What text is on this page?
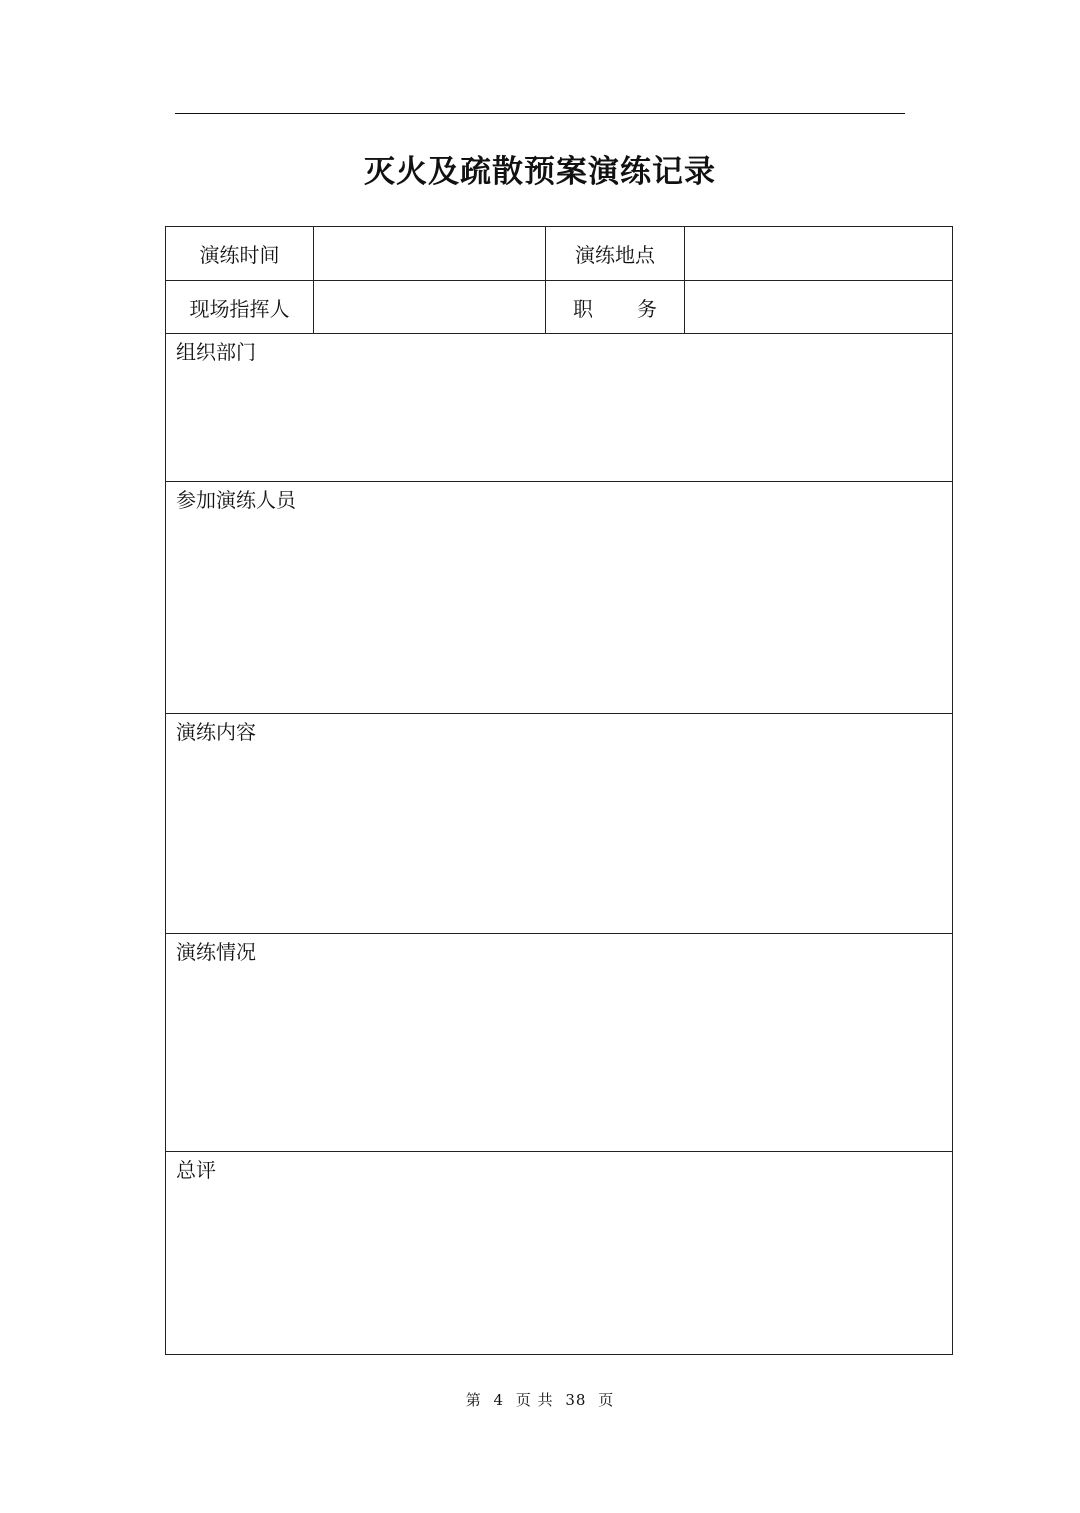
灭火及疏散预案演练记录
演练时间		演练地点	
现场指挥人		职务	
组织部门			
参加演练人员			
演练内容			
演练情况			
总评			
第 4 页 共 38 页
